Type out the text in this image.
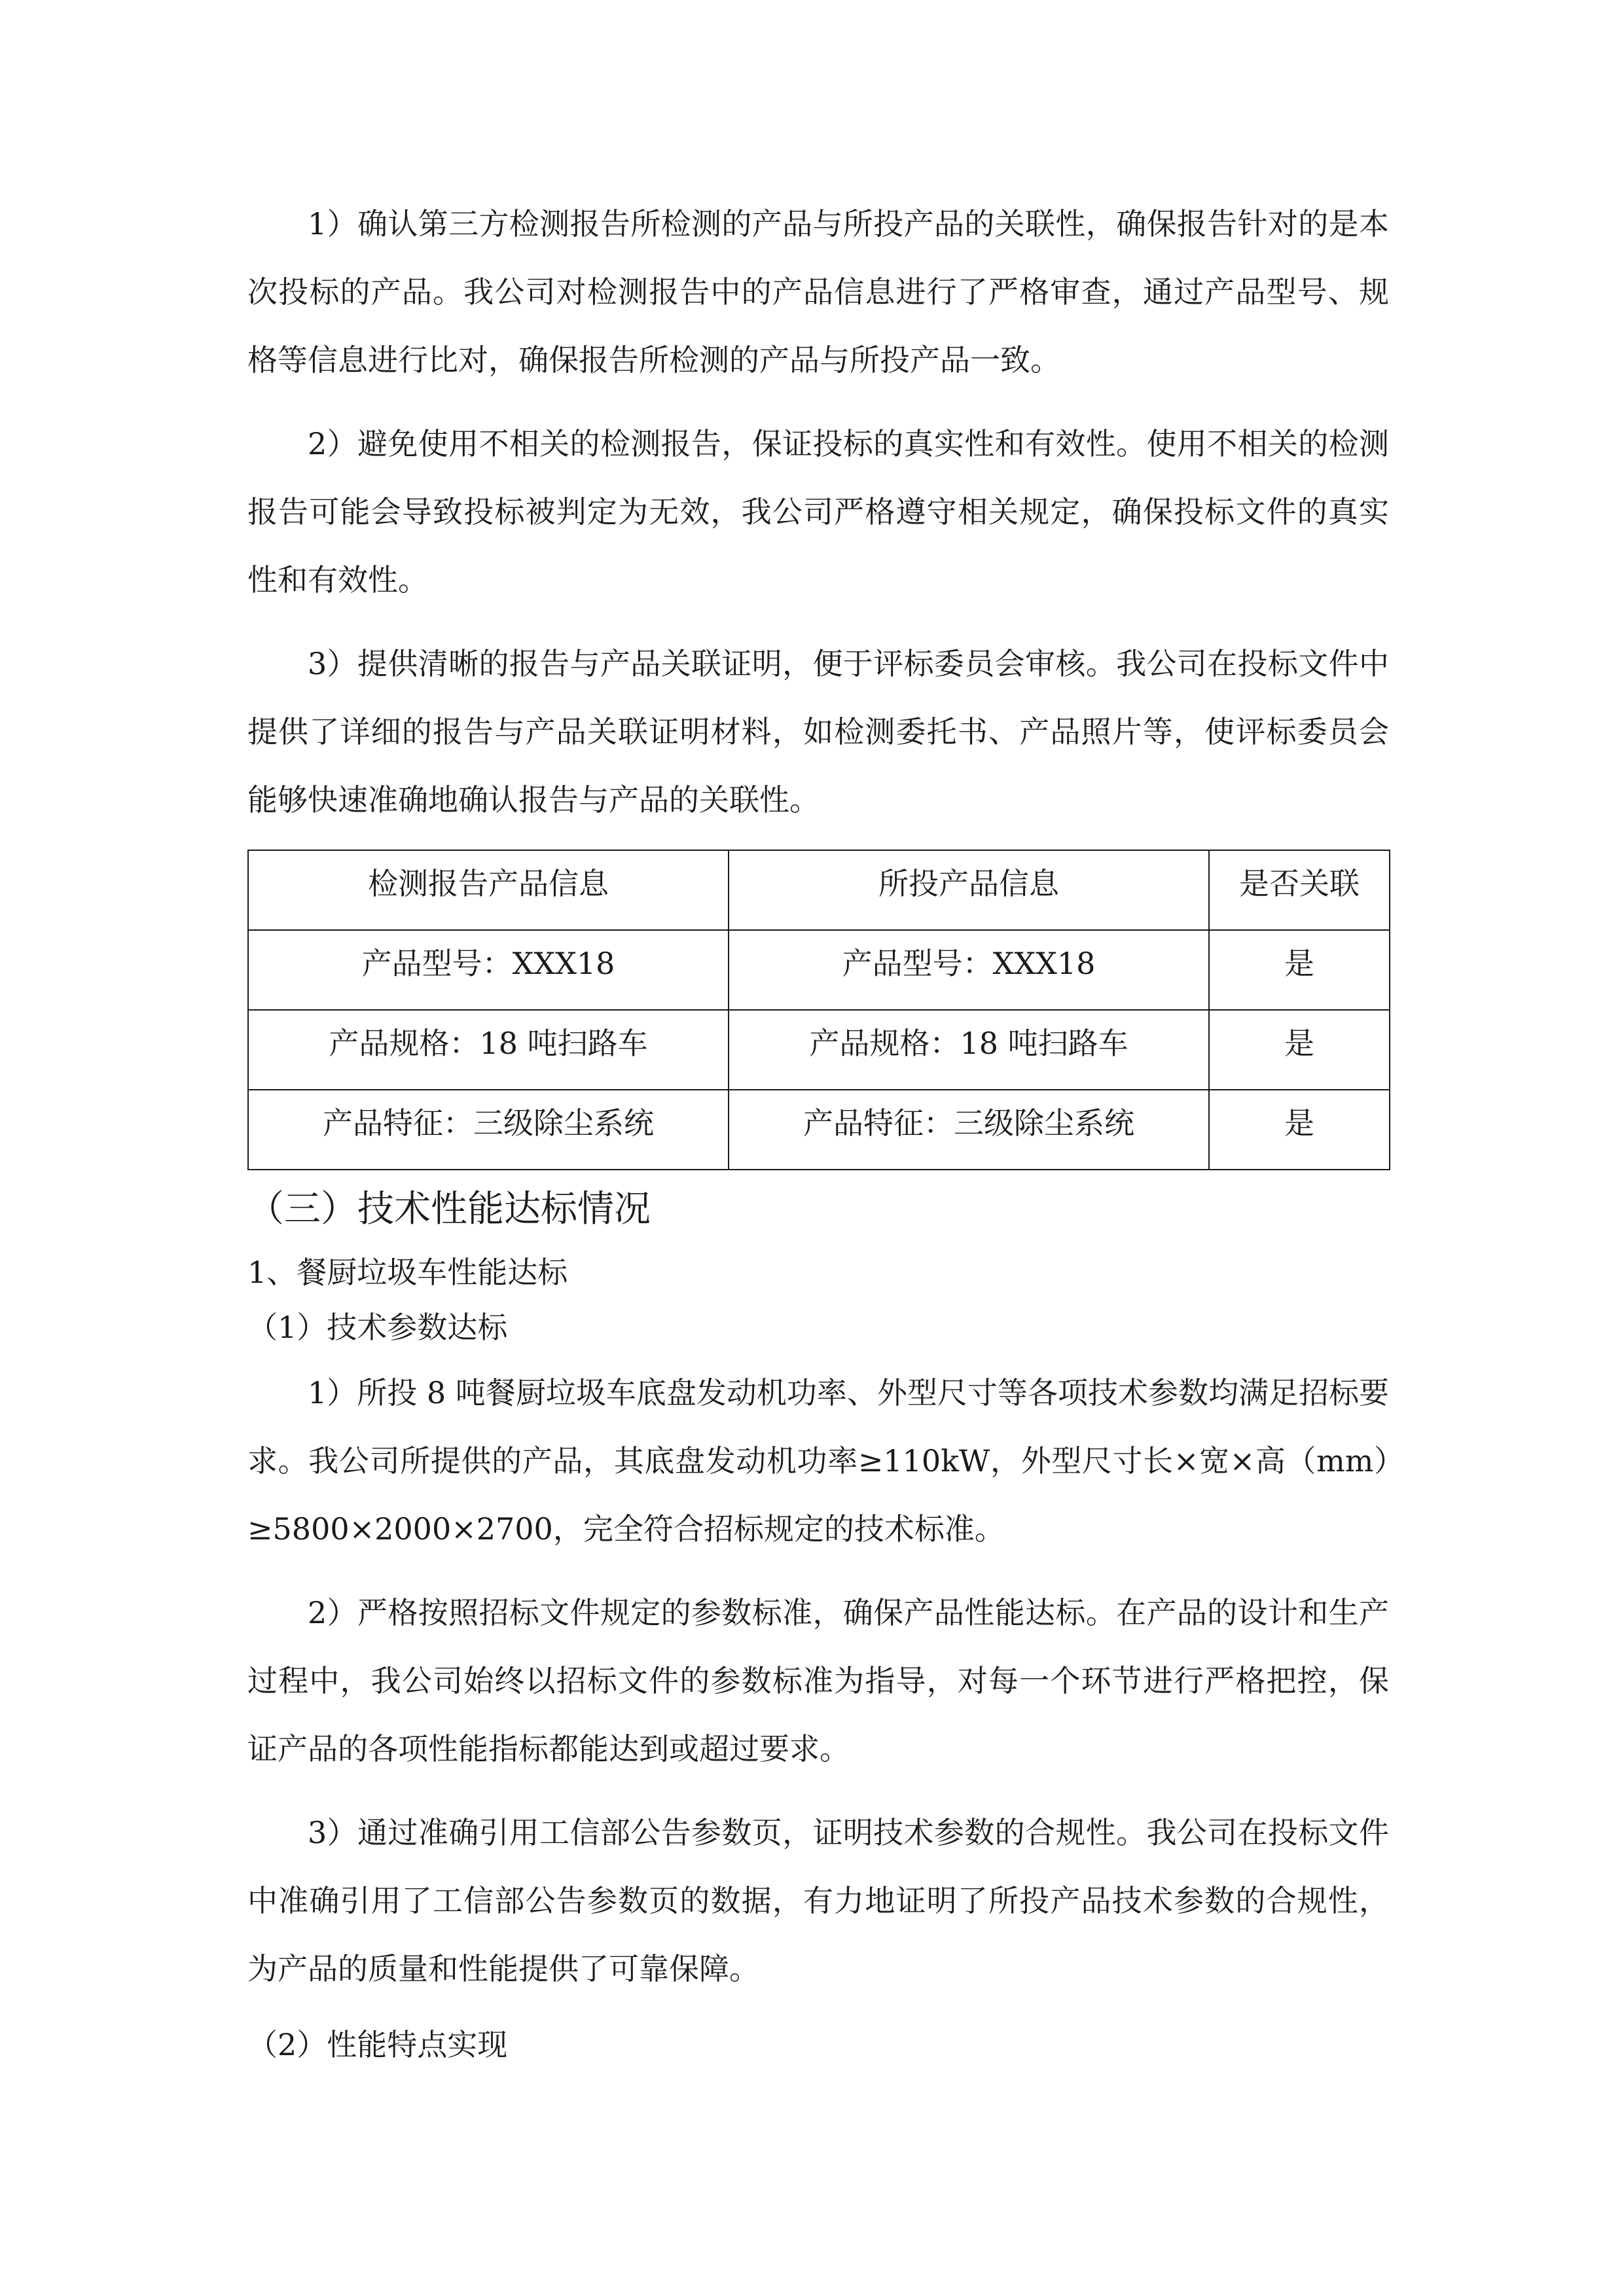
1）确认第三方检测报告所检测的产品与所投产品的关联性，确保报告针对的是本次投标的产品。我公司对检测报告中的产品信息进行了严格审查，通过产品型号、规格等信息进行比对，确保报告所检测的产品与所投产品一致。

2）避免使用不相关的检测报告，保证投标的真实性和有效性。使用不相关的检测报告可能会导致投标被判定为无效，我公司严格遵守相关规定，确保投标文件的真实性和有效性。

3）提供清晰的报告与产品关联证明，便于评标委员会审核。我公司在投标文件中提供了详细的报告与产品关联证明材料，如检测委托书、产品照片等，使评标委员会能够快速准确地确认报告与产品的关联性。

检测报告产品信息	所投产品信息	是否关联
产品型号：XXX18	产品型号：XXX18	是
产品规格：18 吨扫路车	产品规格：18 吨扫路车	是
产品特征：三级除尘系统	产品特征：三级除尘系统	是
（三）技术性能达标情况
1、餐厨垃圾车性能达标
（1）技术参数达标

1）所投 8 吨餐厨垃圾车底盘发动机功率、外型尺寸等各项技术参数均满足招标要求。我公司所提供的产品，其底盘发动机功率≥110kW，外型尺寸长×宽×高（mm）≥5800×2000×2700，完全符合招标规定的技术标准。

2）严格按照招标文件规定的参数标准，确保产品性能达标。在产品的设计和生产过程中，我公司始终以招标文件的参数标准为指导，对每一个环节进行严格把控，保证产品的各项性能指标都能达到或超过要求。

3）通过准确引用工信部公告参数页，证明技术参数的合规性。我公司在投标文件中准确引用了工信部公告参数页的数据，有力地证明了所投产品技术参数的合规性，为产品的质量和性能提供了可靠保障。

（2）性能特点实现
